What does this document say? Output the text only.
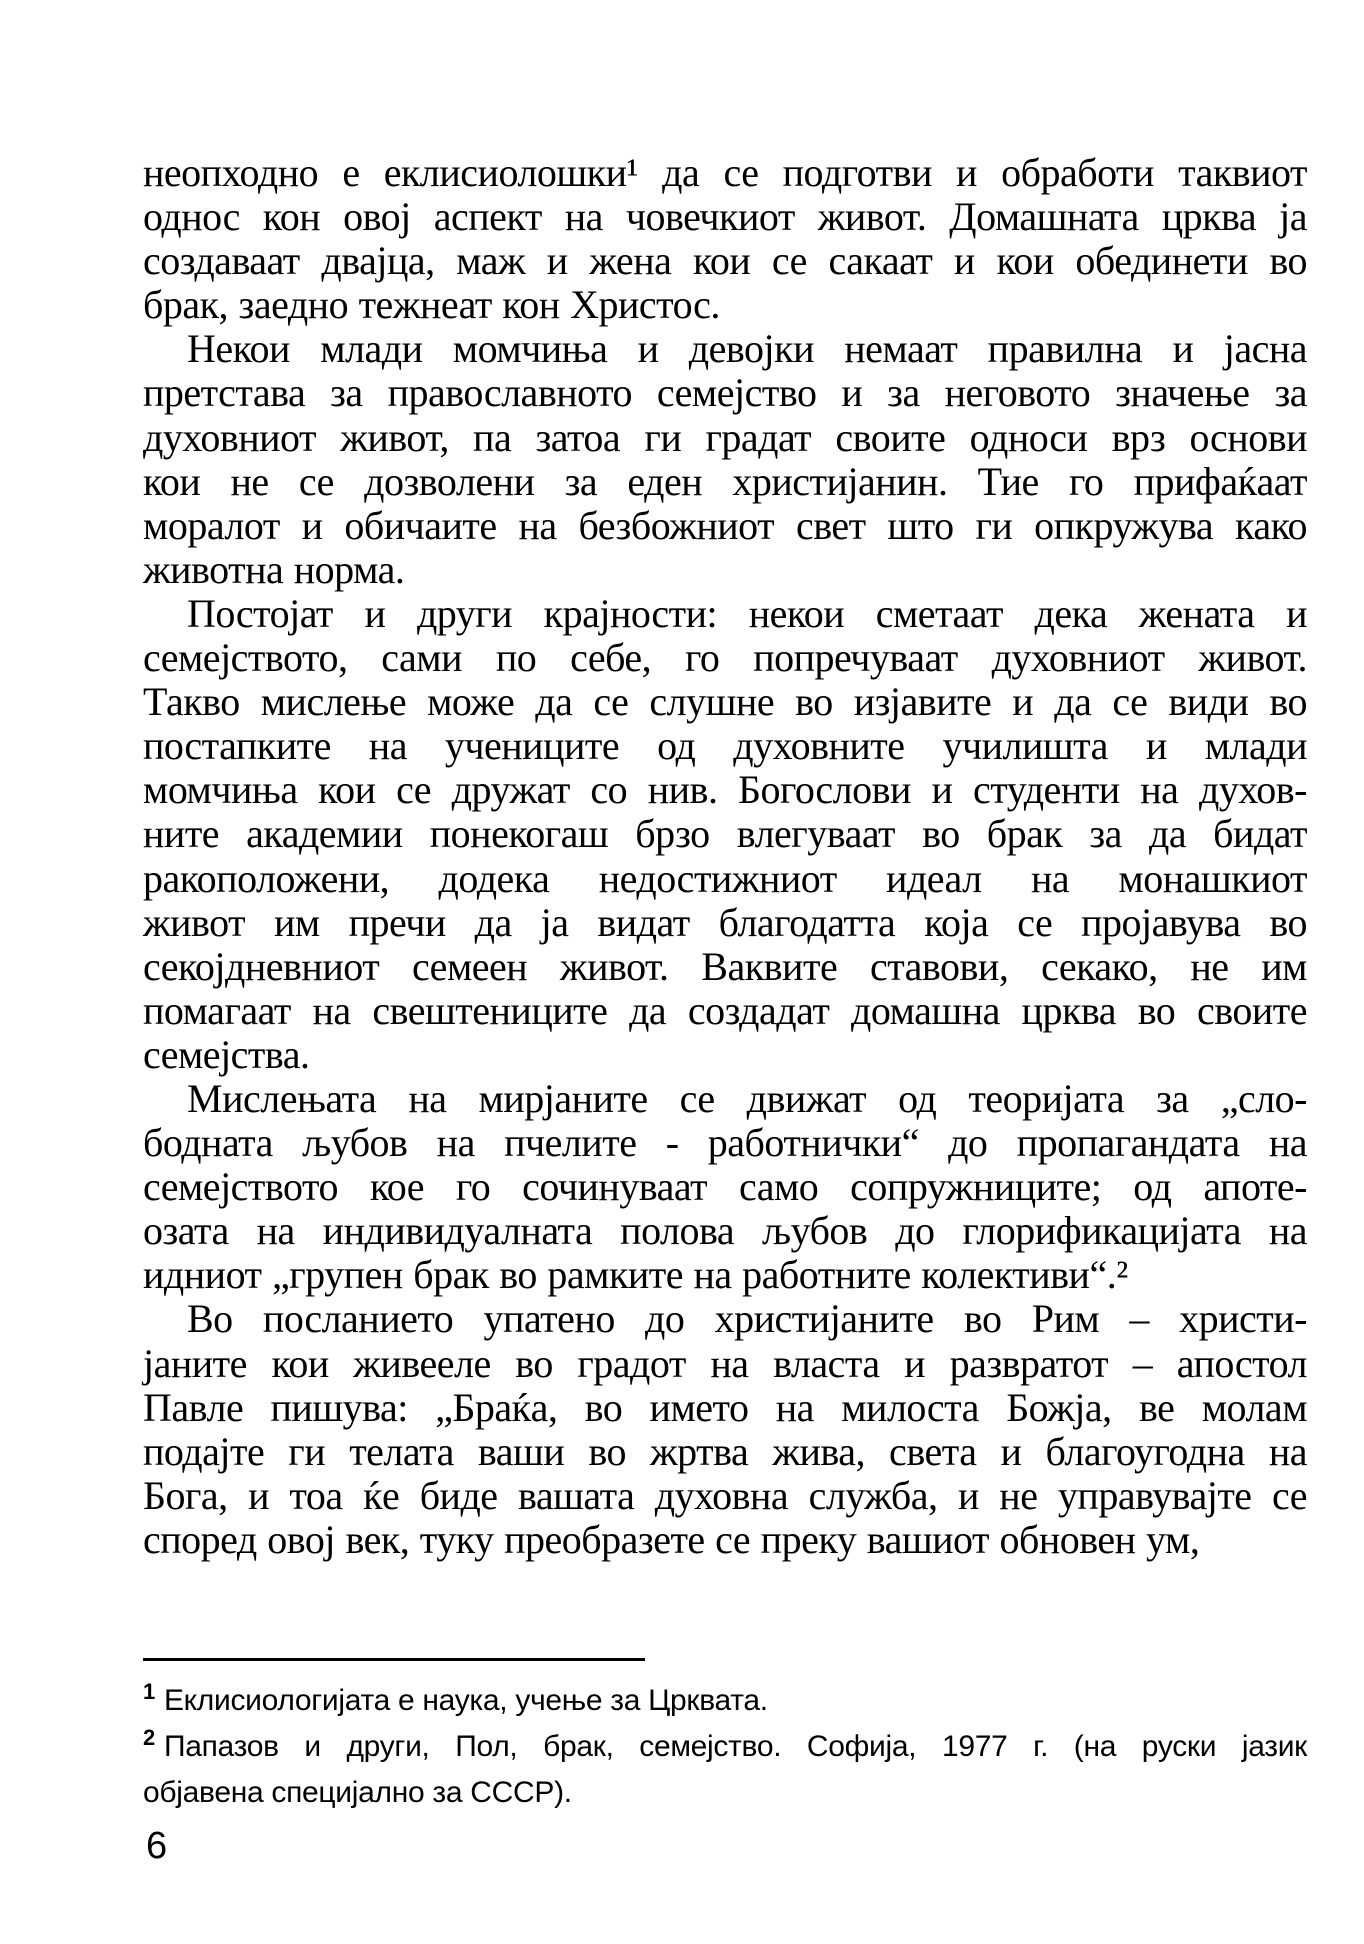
неопходно е еклисиолошки¹ да се подготви и обработи таквиот
однос кон овој аспект на човечкиот живот. Домашната црква ја
создаваат двајца, маж и жена кои се сакаат и кои обединети во
брак, заедно тежнеат кон Христос.
Некои млади момчиња и девојки немаат правилна и јасна
претстава за православното семејство и за неговото значење за
духовниот живот, па затоа ги градат своите односи врз основи
кои не се дозволени за еден христијанин. Тие го прифаќаат
моралот и обичаите на безбожниот свет што ги опкружува како
животна норма.
Постојат и други крајности: некои сметаат дека жената и
семејството, сами по себе, го попречуваат духовниот живот.
Такво мислење може да се слушне во изјавите и да се види во
постапките на учениците од духовните училишта и млади
момчиња кои се дружат со нив. Богослови и студенти на духов-
ните академии понекогаш брзо влегуваат во брак за да бидат
ракоположени, додека недостижниот идеал на монашкиот
живот им пречи да ја видат благодатта која се пројавува во
секојдневниот семеен живот. Ваквите ставови, секако, не им
помагаат на свештениците да создадат домашна црква во своите
семејства.
Мислењата на мирјаните се движат од теоријата за „сло-
бодната љубов на пчелите - работнички“ до пропагандата на
семејството кое го сочинуваат само сопружниците; од апоте-
озата на индивидуалната полова љубов до глорификацијата на
идниот „групен брак во рамките на работните колективи“.²
Во посланието упатено до христијаните во Рим – христи-
јаните кои живееле во градот на власта и развратот – апостол
Павле пишува: „Браќа, во името на милоста Божја, ве молам
подајте ги телата ваши во жртва жива, света и благоугодна на
Бога, и тоа ќе биде вашата духовна служба, и не управувајте се
според овој век, туку преобразете се преку вашиот обновен ум,
$^1$ Еклисиологијата е наука, учење за Црквата.
$^2$ Папазов и други, Пол, брак, семејство. Софија, 1977 г. (на руски јазик
објавена специјално за СССР).
6
